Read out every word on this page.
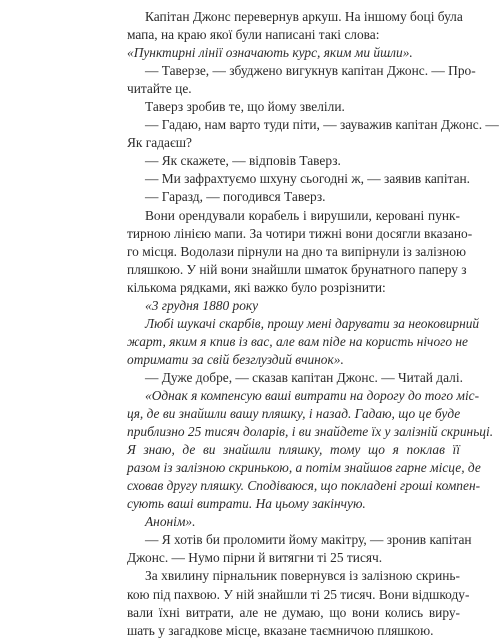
Капітан Джонс перевернув аркуш. На іншому боці була
мапа, на краю якої були написані такі слова:
«Пунктирні лінії означають курс, яким ми йшли».
— Таверзе, — збуджено вигукнув капітан Джонс. — Про-
читайте це.
Таверз зробив те, що йому звеліли.
— Гадаю, нам варто туди піти, — зауважив капітан Джонс. —
Як гадаєш?
— Як скажете, — відповів Таверз.
— Ми зафрахтуємо шхуну сьогодні ж, — заявив капітан.
— Гаразд, — погодився Таверз.
Вони орендували корабель і вирушили, керовані пунк-
тирною лінією мапи. За чотири тижні вони досягли вказано-
го місця. Водолази пірнули на дно та випірнули із залізною
пляшкою. У ній вони знайшли шматок брунатного паперу з
кількома рядками, які важко було розрізнити:
«3 грудня 1880 року
Любі шукачі скарбів, прошу мені дарувати за неоковирний
жарт, яким я кпив із вас, але вам піде на користь нічого не
отримати за свій безглуздий вчинок».
— Дуже добре, — сказав капітан Джонс. — Читай далі.
«Однак я компенсую ваші витрати на дорогу до того міс-
ця, де ви знайшли вашу пляшку, і назад. Гадаю, що це буде
приблизно 25 тисяч доларів, і ви знайдете їх у залізній скриньці.
Я знаю, де ви знайшли пляшку, тому що я поклав її
разом із залізною скринькою, а потім знайшов гарне місце, де
сховав другу пляшку. Сподіваюся, що покладені гроші компен-
сують ваші витрати. На цьому закінчую.
Анонім».
— Я хотів би проломити йому макітру, — зронив капітан
Джонс. — Нумо пірни й витягни ті 25 тисяч.
За хвилину пірнальник повернувся із залізною скринь-
кою під пахвою. У ній знайшли ті 25 тисяч. Вони відшкоду-
вали їхні витрати, але не думаю, що вони колись виру-
шать у загадкове місце, вказане таємничою пляшкою.
